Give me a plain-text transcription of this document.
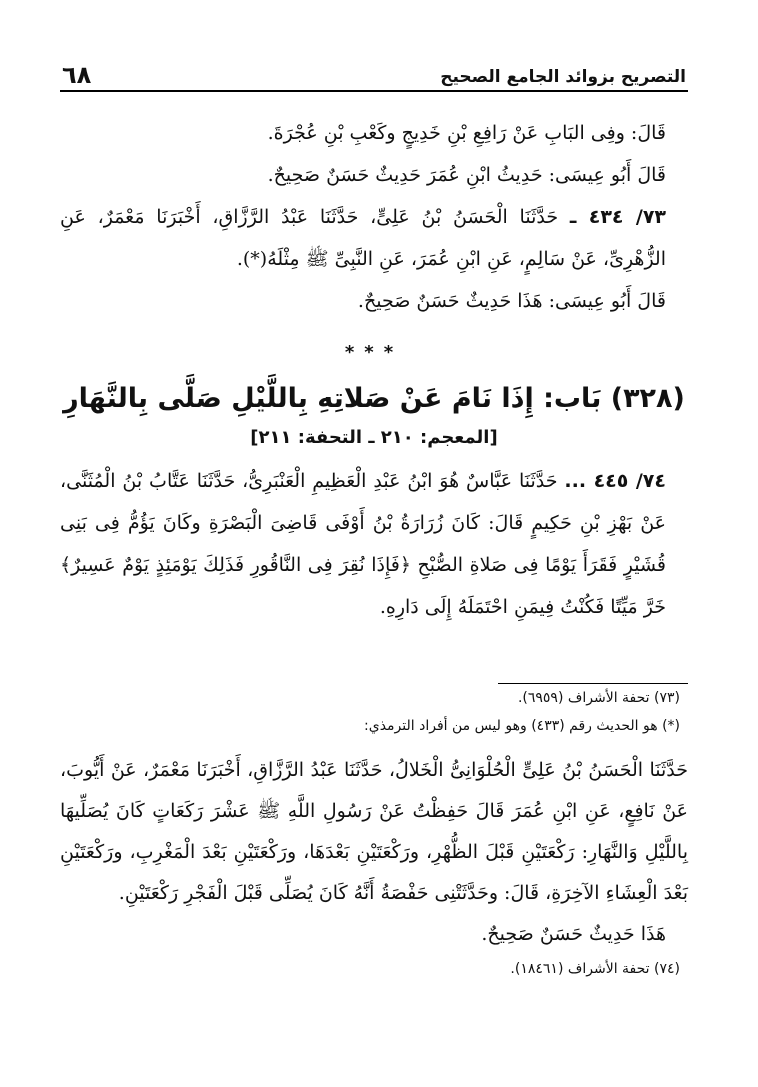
التصريح بزوائد الجامع الصحيح
٦٨

قَالَ: وفِى البَابِ عَنْ رَافِعِ بْنِ خَدِيجٍ وكَعْبِ بْنِ عُجْرَةَ.

قَالَ أَبُو عِيسَى: حَدِيثُ ابْنِ عُمَرَ حَدِيثٌ حَسَنٌ صَحِيحٌ.

٧٣/ ٤٣٤ ـ حَدَّثَنَا الْحَسَنُ بْنُ عَلِىٍّ، حَدَّثَنَا عَبْدُ الرَّزَّاقِ، أَخْبَرَنَا مَعْمَرٌ، عَنِ الزُّهْرِىِّ، عَنْ سَالِمٍ، عَنِ ابْنِ عُمَرَ، عَنِ النَّبِىِّ ﷺ مِثْلَهُ(*).

قَالَ أَبُو عِيسَى: هَذَا حَدِيثٌ حَسَنٌ صَحِيحٌ.

***

(٣٢٨) بَاب: إِذَا نَامَ عَنْ صَلاتِهِ بِاللَّيْلِ صَلَّى بِالنَّهَارِ

[المعجم: ٢١٠ ـ التحفة: ٢١١]

٧٤/ ٤٤٥ ... حَدَّثَنَا عَبَّاسٌ هُوَ ابْنُ عَبْدِ الْعَظِيمِ الْعَنْبَرِىُّ، حَدَّثَنَا عَتَّابُ بْنُ الْمُثَنَّى، عَنْ بَهْزِ بْنِ حَكِيمٍ قَالَ: كَانَ زُرَارَةُ بْنُ أَوْفَى قَاضِىَ الْبَصْرَةِ وكَانَ يَؤُمُّ فِى بَنِى قُشَيْرٍ فَقَرَأَ يَوْمًا فِى صَلاةِ الصُّبْحِ ﴿فَإِذَا نُقِرَ فِى النَّاقُورِ فَذَلِكَ يَوْمَئِذٍ يَوْمٌ عَسِيرٌ﴾ خَرَّ مَيِّتًا فَكُنْتُ فِيمَنِ احْتَمَلَهُ إِلَى دَارِهِ.

(٧٣) تحفة الأشراف (٦٩٥٩).

(*) هو الحديث رقم (٤٣٣) وهو ليس من أفراد الترمذي:

حَدَّثَنَا الْحَسَنُ بْنُ عَلِىٍّ الْحُلْوَانِىُّ الْخَلالُ، حَدَّثَنَا عَبْدُ الرَّزَّاقِ، أَخْبَرَنَا مَعْمَرٌ، عَنْ أَيُّوبَ، عَنْ نَافِعٍ، عَنِ ابْنِ عُمَرَ قَالَ حَفِظْتُ عَنْ رَسُولِ اللَّهِ ﷺ عَشْرَ رَكَعَاتٍ كَانَ يُصَلِّيهَا بِاللَّيْلِ وَالنَّهَارِ: رَكْعَتَيْنِ قَبْلَ الظُّهْرِ، ورَكْعَتَيْنِ بَعْدَهَا، ورَكْعَتَيْنِ بَعْدَ الْمَغْرِبِ، ورَكْعَتَيْنِ بَعْدَ الْعِشَاءِ الآخِرَةِ، قَالَ: وحَدَّثَتْنِى حَفْصَةُ أَنَّهُ كَانَ يُصَلِّى قَبْلَ الْفَجْرِ رَكْعَتَيْنِ.

هَذَا حَدِيثٌ حَسَنٌ صَحِيحٌ.

(٧٤) تحفة الأشراف (١٨٤٦١).
